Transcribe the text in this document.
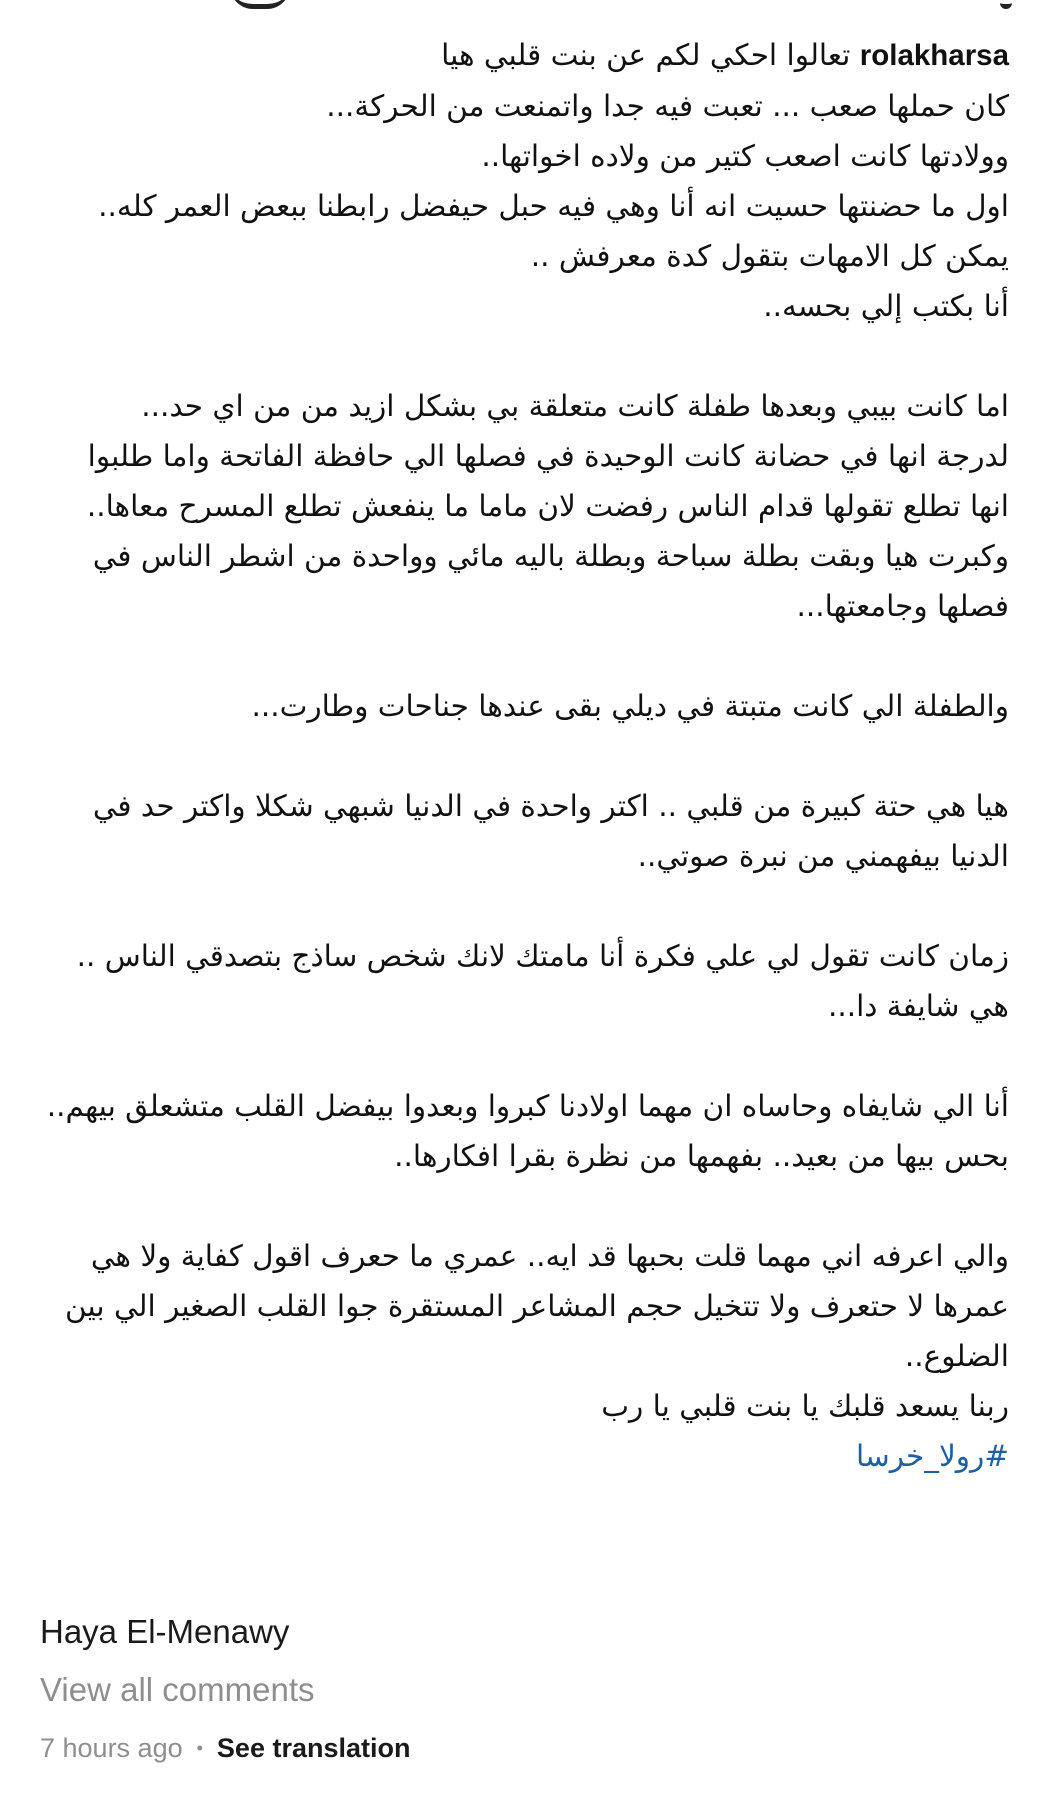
rolakharsa تعالوا احكي لكم عن بنت قلبي هيا

كان حملها صعب ... تعبت فيه جدا واتمنعت من الحركة...

وولادتها كانت اصعب كتير من ولاده اخواتها..

اول ما حضنتها حسيت انه أنا وهي فيه حبل حيفضل رابطنا ببعض العمر كله..

يمكن كل الامهات بتقول كدة معرفش ..

أنا بكتب إلي بحسه..

اما كانت بيبي وبعدها طفلة كانت متعلقة بي بشكل ازيد من من اي حد...

لدرجة انها في حضانة كانت الوحيدة في فصلها الي حافظة الفاتحة واما طلبوا انها تطلع تقولها قدام الناس رفضت لان ماما ما ينفعش تطلع المسرح معاها..

وكبرت هيا وبقت بطلة سباحة وبطلة باليه مائي وواحدة من اشطر الناس في فصلها وجامعتها...

والطفلة الي كانت متبتة في ديلي بقى عندها جناحات وطارت...

هيا هي حتة كبيرة من قلبي .. اكتر واحدة في الدنيا شبهي شكلا واكتر حد في الدنيا بيفهمني من نبرة صوتي..

زمان كانت تقول لي علي فكرة أنا مامتك لانك شخص ساذج بتصدقي الناس .. هي شايفة دا...

أنا الي شايفاه وحاساه ان مهما اولادنا كبروا وبعدوا بيفضل القلب متشعلق بيهم..

بحس بيها من بعيد.. بفهمها من نظرة بقرا افكارها..

والي اعرفه اني مهما قلت بحبها قد ايه.. عمري ما حعرف اقول كفاية ولا هي عمرها لا حتعرف ولا تتخيل حجم المشاعر المستقرة جوا القلب الصغير الي بين الضلوع..

ربنا يسعد قلبك يا بنت قلبي يا رب

#رولا_خرسا

Haya El-Menawy
View all comments
7 hours ago • See translation
